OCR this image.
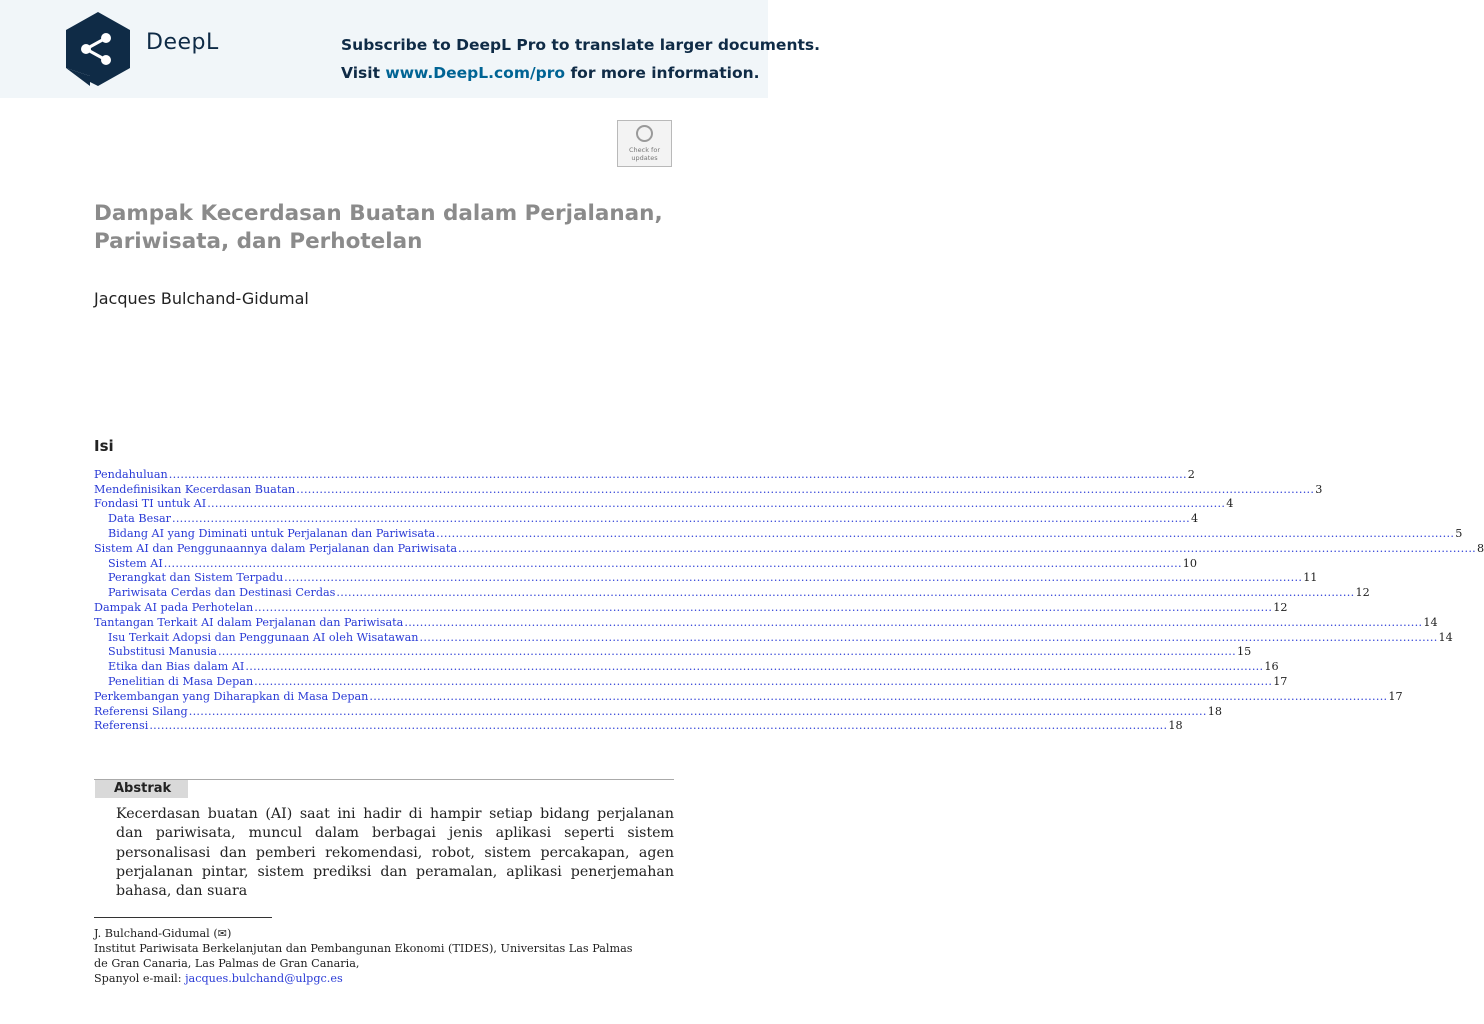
DeepL	Subscribe to DeepL Pro to translate larger documents.
Visit www.DeepL.com/pro for more information.
Check for
updates
Dampak Kecerdasan Buatan dalam Perjalanan, Pariwisata, dan Perhotelan
Jacques Bulchand-Gidumal
Isi
Pendahuluan .....	2
Mendefinisikan Kecerdasan Buatan .....	3
Fondasi TI untuk AI .....	4
Data Besar .....	4
Bidang AI yang Diminati untuk Perjalanan dan Pariwisata .....	5
Sistem AI dan Penggunaannya dalam Perjalanan dan Pariwisata .....	8
Sistem AI .....	10
Perangkat dan Sistem Terpadu .....	11
Pariwisata Cerdas dan Destinasi Cerdas .....	12
Dampak AI pada Perhotelan .....	12
Tantangan Terkait AI dalam Perjalanan dan Pariwisata .....	14
Isu Terkait Adopsi dan Penggunaan AI oleh Wisatawan .....	14
Substitusi Manusia .....	15
Etika dan Bias dalam AI .....	16
Penelitian di Masa Depan .....	17
Perkembangan yang Diharapkan di Masa Depan .....	17
Referensi Silang .....	18
Referensi .....	18
Abstrak

Kecerdasan buatan (AI) saat ini hadir di hampir setiap bidang perjalanan dan pariwisata, muncul dalam berbagai jenis aplikasi seperti sistem personalisasi dan pemberi rekomendasi, robot, sistem percakapan, agen perjalanan pintar, sistem prediksi dan peramalan, aplikasi penerjemahan bahasa, dan suara

J. Bulchand-Gidumal (✉)
Institut Pariwisata Berkelanjutan dan Pembangunan Ekonomi (TIDES), Universitas Las Palmas
de Gran Canaria, Las Palmas de Gran Canaria,
Spanyol e-mail: jacques.bulchand@ulpgc.es
